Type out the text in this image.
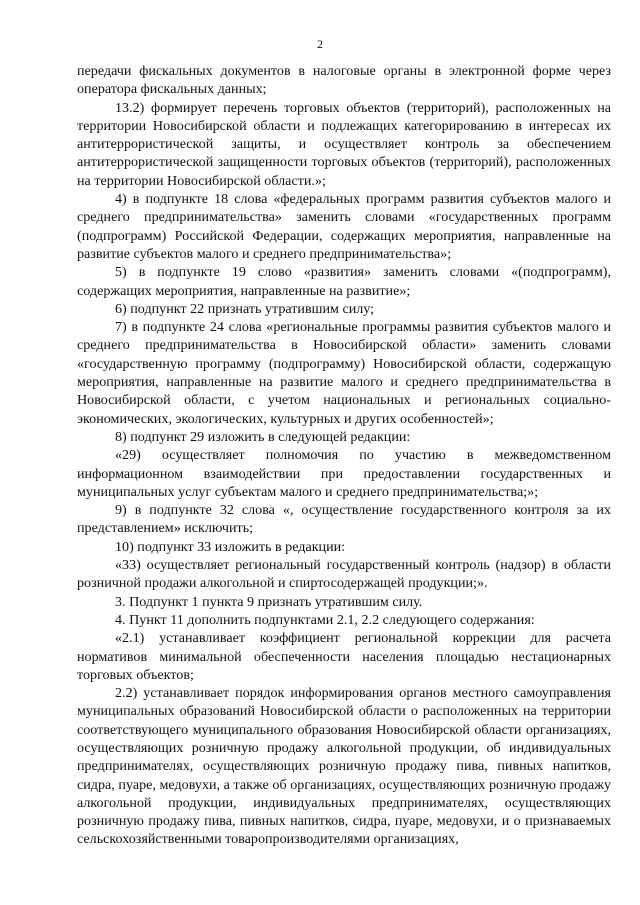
2

передачи фискальных документов в налоговые органы в электронной форме через оператора фискальных данных;

13.2) формирует перечень торговых объектов (территорий), расположенных на территории Новосибирской области и подлежащих категорированию в интересах их антитеррористической защиты, и осуществляет контроль за обеспечением антитеррористической защищенности торговых объектов (территорий), расположенных на территории Новосибирской области.»;

4) в подпункте 18 слова «федеральных программ развития субъектов малого и среднего предпринимательства» заменить словами «государственных программ (подпрограмм) Российской Федерации, содержащих мероприятия, направленные на развитие субъектов малого и среднего предпринимательства»;

5) в подпункте 19 слово «развития» заменить словами «(подпрограмм), содержащих мероприятия, направленные на развитие»;

6) подпункт 22 признать утратившим силу;

7) в подпункте 24 слова «региональные программы развития субъектов малого и среднего предпринимательства в Новосибирской области» заменить словами «государственную программу (подпрограмму) Новосибирской области, содержащую мероприятия, направленные на развитие малого и среднего предпринимательства в Новосибирской области, с учетом национальных и региональных социально-экономических, экологических, культурных и других особенностей»;

8) подпункт 29 изложить в следующей редакции:

«29) осуществляет полномочия по участию в межведомственном информационном взаимодействии при предоставлении государственных и муниципальных услуг субъектам малого и среднего предпринимательства;»;

9) в подпункте 32 слова «, осуществление государственного контроля за их представлением» исключить;

10) подпункт 33 изложить в редакции:

«33) осуществляет региональный государственный контроль (надзор) в области розничной продажи алкогольной и спиртосодержащей продукции;».

3. Подпункт 1 пункта 9 признать утратившим силу.

4. Пункт 11 дополнить подпунктами 2.1, 2.2 следующего содержания:

«2.1) устанавливает коэффициент региональной коррекции для расчета нормативов минимальной обеспеченности населения площадью нестационарных торговых объектов;

2.2) устанавливает порядок информирования органов местного самоуправления муниципальных образований Новосибирской области о расположенных на территории соответствующего муниципального образования Новосибирской области организациях, осуществляющих розничную продажу алкогольной продукции, об индивидуальных предпринимателях, осуществляющих розничную продажу пива, пивных напитков, сидра, пуаре, медовухи, а также об организациях, осуществляющих розничную продажу алкогольной продукции, индивидуальных предпринимателях, осуществляющих розничную продажу пива, пивных напитков, сидра, пуаре, медовухи, и о признаваемых сельскохозяйственными товаропроизводителями организациях,
